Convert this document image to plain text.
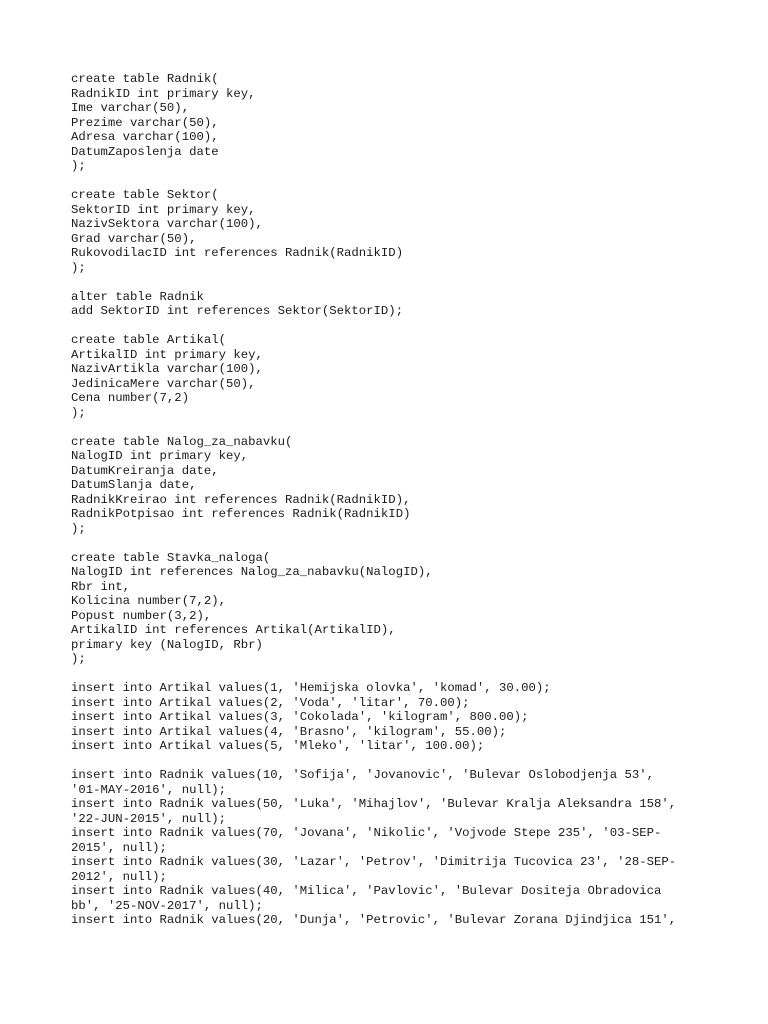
create table Radnik(
RadnikID int primary key,
Ime varchar(50),
Prezime varchar(50),
Adresa varchar(100),
DatumZaposlenja date
);
create table Sektor(
SektorID int primary key,
NazivSektora varchar(100),
Grad varchar(50),
RukovodilacID int references Radnik(RadnikID)
);
alter table Radnik
add SektorID int references Sektor(SektorID);
create table Artikal(
ArtikalID int primary key,
NazivArtikla varchar(100),
JedinicaMere varchar(50),
Cena number(7,2)
);
create table Nalog_za_nabavku(
NalogID int primary key,
DatumKreiranja date,
DatumSlanja date,
RadnikKreirao int references Radnik(RadnikID),
RadnikPotpisao int references Radnik(RadnikID)
);
create table Stavka_naloga(
NalogID int references Nalog_za_nabavku(NalogID),
Rbr int,
Kolicina number(7,2),
Popust number(3,2),
ArtikalID int references Artikal(ArtikalID),
primary key (NalogID, Rbr)
);
insert into Artikal values(1, 'Hemijska olovka', 'komad', 30.00);
insert into Artikal values(2, 'Voda', 'litar', 70.00);
insert into Artikal values(3, 'Cokolada', 'kilogram', 800.00);
insert into Artikal values(4, 'Brasno', 'kilogram', 55.00);
insert into Artikal values(5, 'Mleko', 'litar', 100.00);
insert into Radnik values(10, 'Sofija', 'Jovanovic', 'Bulevar Oslobodjenja 53',
'01-MAY-2016', null);
insert into Radnik values(50, 'Luka', 'Mihajlov', 'Bulevar Kralja Aleksandra 158',
'22-JUN-2015', null);
insert into Radnik values(70, 'Jovana', 'Nikolic', 'Vojvode Stepe 235', '03-SEP-
2015', null);
insert into Radnik values(30, 'Lazar', 'Petrov', 'Dimitrija Tucovica 23', '28-SEP-
2012', null);
insert into Radnik values(40, 'Milica', 'Pavlovic', 'Bulevar Dositeja Obradovica
bb', '25-NOV-2017', null);
insert into Radnik values(20, 'Dunja', 'Petrovic', 'Bulevar Zorana Djindjica 151',
